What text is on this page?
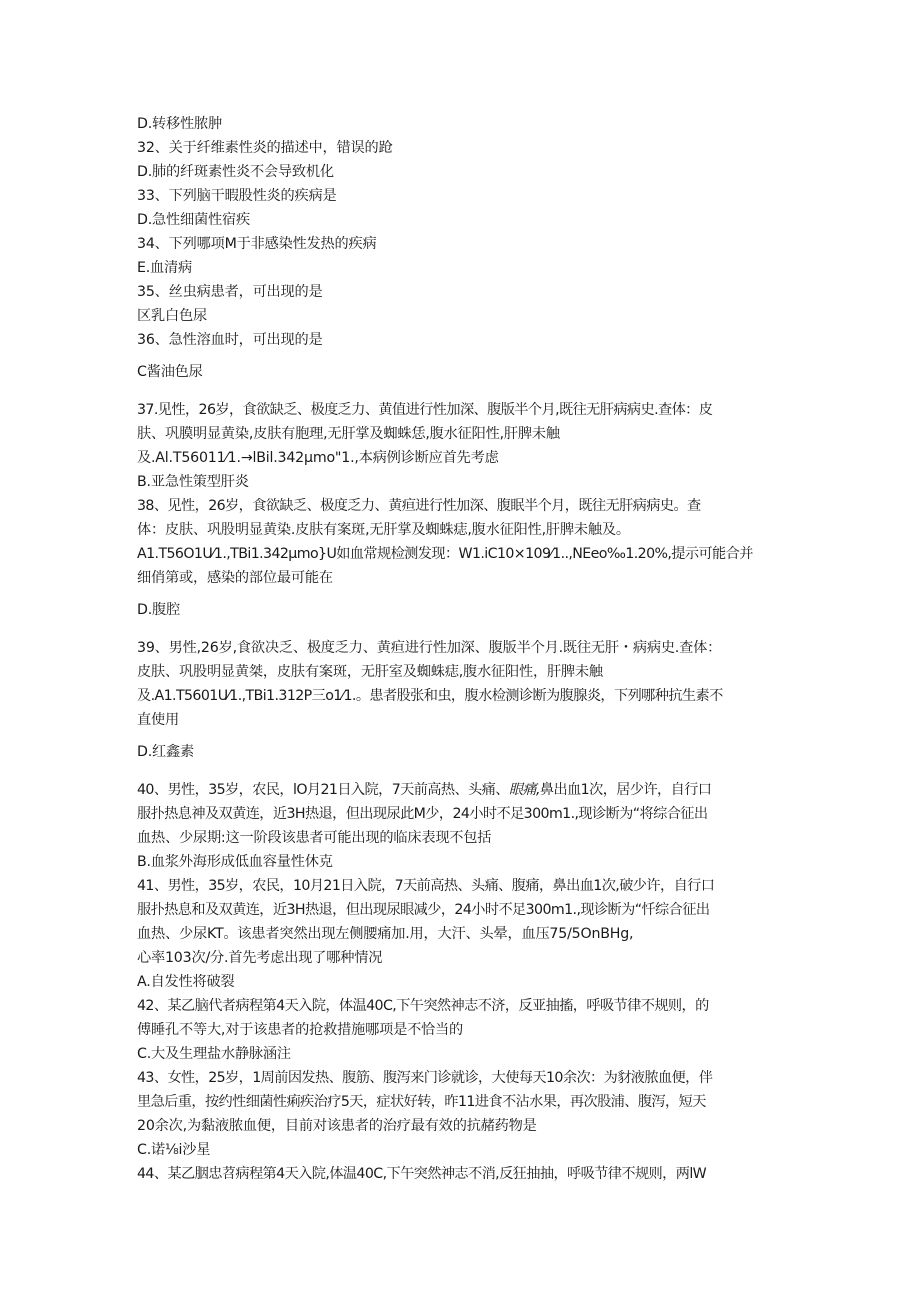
D.转移性脓肿
32、关于纤维素性炎的描述中，错误的跄
D.肺的纤斑素性炎不会导致机化
33、下列脑干暇股性炎的疾病是
D.急性细菌性宿疾
34、下列哪项M于非感染性发热的疾病
E.血清病
35、丝虫病患者，可出现的是
区乳白色尿
36、急性溶血时，可出现的是
C酱油色尿
37.见性，26岁，食欲缺乏、极度乏力、黄值进行性加深、腹版半个月,既往无肝病病史.查体：皮
肤、巩膜明显黄染,皮肤有胞理,无肝掌及蜘蛛恁,腹水征阳性,肝脾未触
及.Al.T56011⁄1.→lBil.342μmo"1.,本病例诊断应首先考虑
B.亚急性策型肝炎
38、见性，26岁，食欲缺乏、极度乏力、黄疸进行性加深、腹眠半个月，既往无肝病病史。查
体：皮肤、巩股明显黄染.皮肤有案斑,无肝掌及蜘蛛痣,腹水征阳性,肝脾未触及。
A1.T56O1U⁄1.,TBi1.342μmo}U如血常规检测发现：W1.iC10×109⁄1..,NEeo‰1.20%,提示可能合并
细俏第或，感染的部位最可能在
D.腹腔
39、男性,26岁,食欲决乏、极度乏力、黄疸进行性加深、腹版半个月.既往无肝・病病史.查体：
皮肤、巩股明显黄桀，皮肤有案斑，无肝室及蜘蛛痣,腹水征阳性，肝脾未触
及.A1.T5601U⁄1.,TBi1.312P三o1⁄1.。患者股张和虫，腹水检测诊断为腹腺炎，下列哪种抗生素不
直使用
D.红鑫素
40、男性，35岁，农民，lO月21日入院，7天前高热、头痛、眼痛,鼻出血1次，居少许，自行口
服扑热息神及双黄连，近3H热退，但出现尿此M少，24小时不足300m1.,现诊断为“将综合征出
血热、少尿期:这一阶段该患者可能出现的临床表现不包括
B.血浆外海形成低血容量性休克
41、男性，35岁，农民，10月21日入院，7天前高热、头痛、腹痛，鼻出血1次,破少许，自行口
服扑热息和及双黄连，近3H热退，但出现尿眼减少，24小时不足300m1.,现诊断为“忏综合征出
血热、少尿KT。该患者突然出现左侧腰痛加.用，大汗、头晕，血压75/5OnBHg,
心率103次/分.首先考虑出现了哪种情况
A.自发性将破裂
42、某乙脑代者病程第4天入院，体温40C,下午突然神志不济，反亚抽搐，呼吸节律不规则，的
傅睡孔不等大,对于该患者的抢救措施哪项是不恰当的
C.大及生理盐水静脉涵注
43、女性，25岁，1周前因发热、腹筋、腹泻来门诊就诊，大使每天10余次：为豺液脓血便，伴
里急后重，按约性细菌性痢疾治疗5天，症状好转，昨11进食不沾水果，再次股浦、腹泻，短天
20余次,为黏液脓血便，目前对该患者的治疗最有效的抗赭药物是
C.诺⅛i沙星
44、某乙胭忠苕病程第4天入院,体温40C,下午突然神志不消,反狂抽抽，呼吸节律不规则，两lW
